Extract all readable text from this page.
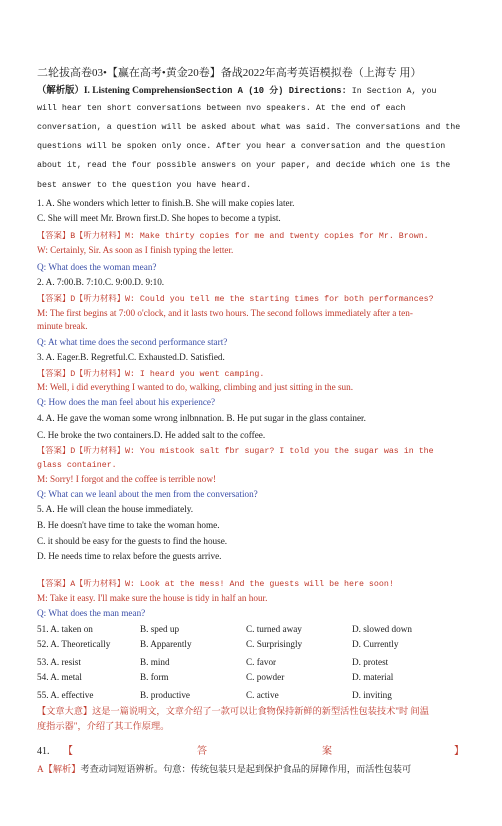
二轮拔高卷03•【赢在高考•黄金20卷】备战2022年高考英语模拟卷（上海专 用）
（解析版）I. Listening ComprehensionSection A (10 分) Directions: In Section A, you
will hear ten short conversations between nvo speakers. At the end of each
conversation, a question will be asked about what was said. The conversations and the
questions will be spoken only once. After you hear a conversation and the question
about it, read the four possible answers on your paper, and decide which one is the
best answer to the question you have heard.
1. A. She wonders which letter to finish.B. She will make copies later.
C. She will meet Mr. Brown first.D. She hopes to become a typist.
【答案】B【听力材料】M: Make thirty copies for me and twenty copies for Mr. Brown.
W: Certainly, Sir. As soon as I finish typing the letter.
Q: What does the woman mean?
2. A. 7:00.B. 7:10.C. 9:00.D. 9:10.
【答案】D【听力材料】W: Could you tell me the starting times for both performances?
M: The first begins at 7:00 o'clock, and it lasts two hours. The second follows immediately after a ten-
minute break.
Q: At what time does the second performance start?
3. A. Eager.B. Regretful.C. Exhausted.D. Satisfied.
【答案】D【听力材料】W: I heard you went camping.
M: Well, i did everything I wanted to do, walking, climbing and just sitting in the sun.
Q: How does the man feel about his experience?
4. A. He gave the woman some wrong inlbnnation. B. He put sugar in the glass container.
C. He broke the two containers.D. He added salt to the coffee.
【答案】D【听力材料】W: You mistook salt fbr sugar? I told you the sugar was in the
glass container.
M: Sorry! I forgot and the coffee is terrible now!
Q: What can we leanl about the men from the conversation?
5. A. He will clean the house immediately.
B. He doesn't have time to take the woman home.
C. it should be easy for the guests to find the house.
D. He needs time to relax before the guests arrive.
【答案】A【听力材料】W: Look at the mess! And the guests will be here soon!
M: Take it easy. I'll make sure the house is tidy in half an hour.
Q: What does the man mean?
51. A. taken on	B. sped up	C. turned away	D. slowed down
52. A. Theoretically	B. Apparently	C. Surprisingly	D. Currently
53. A. resist	B. mind	C. favor	D. protest
54. A. metal	B. form	C. powder	D. material
55. A. effective	B. productive	C. active	D. inviting
【文章大意】这是一篇说明文，文章介绍了一款可以让食物保持新鲜的新型活性包装技术"时 间温
度指示器"，介绍了其工作原理。
41.	【	答	案	】
A【解析】考查动词短语辨析。句意：传统包装只是起到保护食品的屏障作用，而活性包装可
